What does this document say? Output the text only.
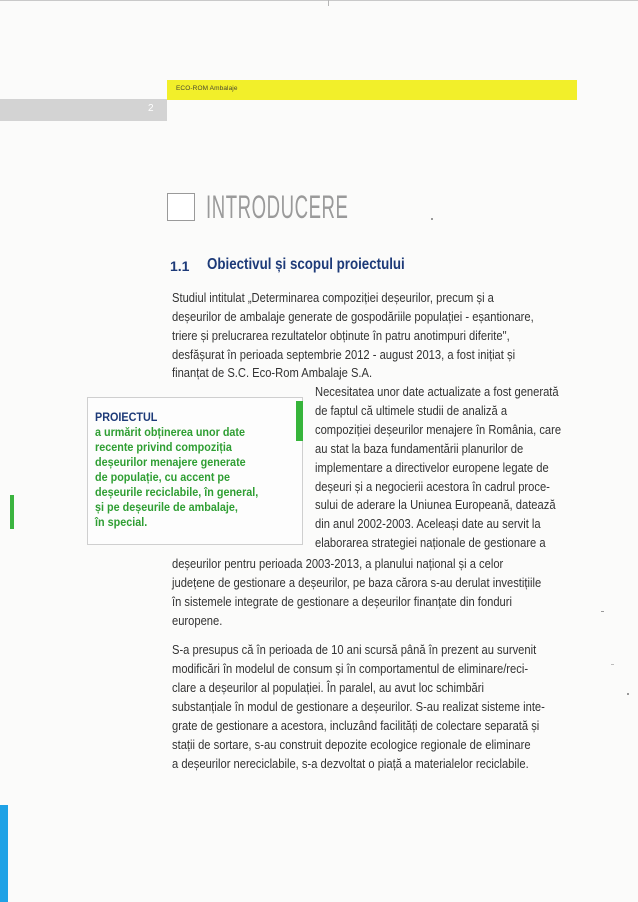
ECO-ROM Ambalaje
2
INTRODUCERE
1.1 Obiectivul și scopul proiectului
Studiul intitulat „Determinarea compoziției deșeurilor, precum și a
deșeurilor de ambalaje generate de gospodăriile populației - eșantionare,
triere și prelucrarea rezultatelor obținute în patru anotimpuri diferite",
desfășurat în perioada septembrie 2012 - august 2013, a fost inițiat și
finanțat de S.C. Eco-Rom Ambalaje S.A.
PROIECTUL
a urmărit obținerea unor date
recente privind compoziția
deșeurilor menajere generate
de populație, cu accent pe
deșeurile reciclabile, în general,
și pe deșeurile de ambalaje,
în special.
Necesitatea unor date actualizate a fost generată
de faptul că ultimele studii de analiză a
compoziției deșeurilor menajere în România, care
au stat la baza fundamentării planurilor de
implementare a directivelor europene legate de
deșeuri și a negocierii acestora în cadrul proce-
sului de aderare la Uniunea Europeană, datează
din anul 2002-2003. Aceleași date au servit la
elaborarea strategiei naționale de gestionare a
deșeurilor pentru perioada 2003-2013, a planului național și a celor
județene de gestionare a deșeurilor, pe baza cărora s-au derulat investițiile
în sistemele integrate de gestionare a deșeurilor finanțate din fonduri
europene.
S-a presupus că în perioada de 10 ani scursă până în prezent au survenit
modificări în modelul de consum și în comportamentul de eliminare/reci-
clare a deșeurilor al populației. În paralel, au avut loc schimbări
substanțiale în modul de gestionare a deșeurilor. S-au realizat sisteme inte-
grate de gestionare a acestora, incluzând facilități de colectare separată și
stații de sortare, s-au construit depozite ecologice regionale de eliminare
a deșeurilor nereciclabile, s-a dezvoltat o piață a materialelor reciclabile.
